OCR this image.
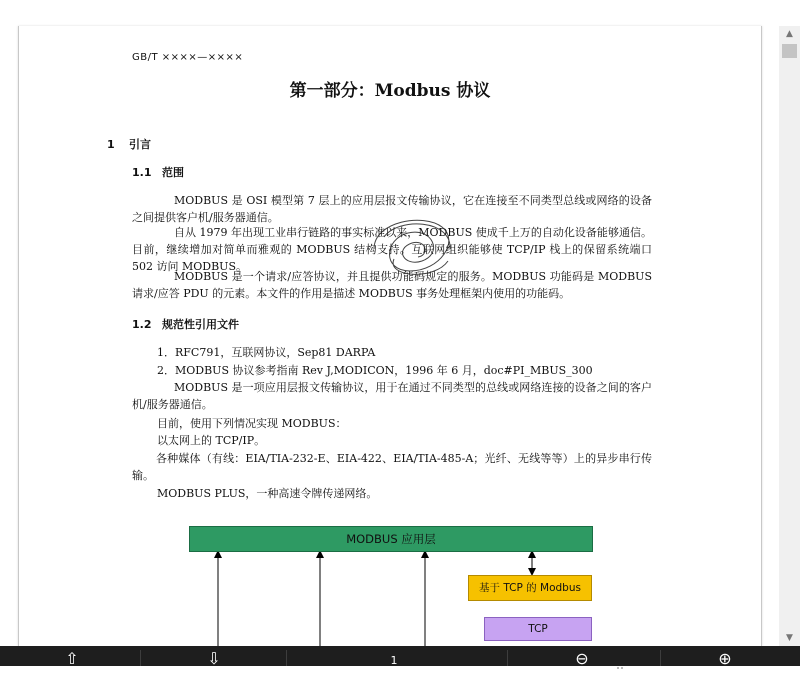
GB/T ××××—××××
第一部分：Modbus 协议
1 引言
1.1 范围
MODBUS 是 OSI 模型第 7 层上的应用层报文传输协议，它在连接至不同类型总线或网络的设备之间提供客户机/服务器通信。
自从 1979 年出现工业串行链路的事实标准以来，MODBUS 使成千上万的自动化设备能够通信。目前，继续增加对简单而雅观的 MODBUS 结构支持。互联网组织能够使 TCP/IP 栈上的保留系统端口 502 访问 MODBUS。
MODBUS 是一个请求/应答协议，并且提供功能码规定的服务。MODBUS 功能码是 MODBUS 请求/应答 PDU 的元素。本文件的作用是描述 MODBUS 事务处理框架内使用的功能码。
1.2 规范性引用文件
1．RFC791，互联网协议，Sep81 DARPA
2．MODBUS 协议参考指南 Rev J,MODICON，1996 年 6 月，doc#PI_MBUS_300
MODBUS 是一项应用层报文传输协议，用于在通过不同类型的总线或网络连接的设备之间的客户机/服务器通信。
目前，使用下列情况实现 MODBUS：
以太网上的 TCP/IP。
各种媒体（有线：EIA/TIA-232-E、EIA-422、EIA/TIA-485-A；光纤、无线等等）上的异步串行传输。
MODBUS PLUS，一种高速令牌传递网络。
MODBUS 应用层
基于 TCP 的 Modbus
TCP
▲
▼
⇧	⇩	1	⊖	⊕
